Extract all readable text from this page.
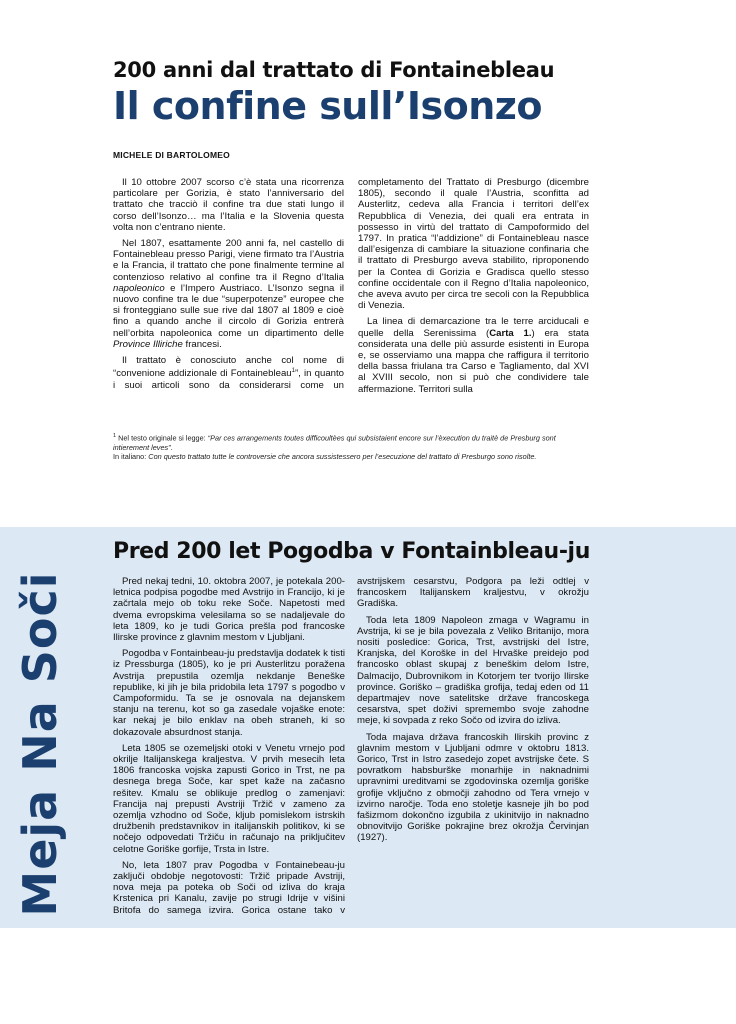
200 anni dal trattato di Fontainebleau
Il confine sull’Isonzo
MICHELE DI BARTOLOMEO

Il 10 ottobre 2007 scorso c’è stata una ricorrenza particolare per Gorizia, è stato l’anniversario del trattato che tracciò il confine tra due stati lungo il corso dell’Isonzo… ma l’Italia e la Slovenia questa volta non c’entrano niente.

Nel 1807, esattamente 200 anni fa, nel castello di Fontainebleau presso Parigi, viene firmato tra l’Austria e la Francia, il trattato che pone finalmente termine al contenzioso relativo al confine tra il Regno d’Italia napoleonico e l’Impero Austriaco. L’Isonzo segna il nuovo confine tra le due “superpotenze” europee che si fronteggiano sulle sue rive dal 1807 al 1809 e cioè fino a quando anche il circolo di Gorizia entrerà nell’orbita napoleonica come un dipartimento delle Province Illiriche francesi.

Il trattato è conosciuto anche col nome di “convenione addizionale di Fontainebleau$^1$”, in quanto i suoi articoli sono da considerarsi come un completamento del Trattato di Presburgo (dicembre 1805), secondo il quale l’Austria, sconfitta ad Austerlitz, cedeva alla Francia i territori dell’ex Repubblica di Venezia, dei quali era entrata in possesso in virtù del trattato di Campoformido del 1797. In pratica “l’addizione” di Fontainebleau nasce dall’esigenza di cambiare la situazione confinaria che il trattato di Presburgo aveva stabilito, riproponendo per la Contea di Gorizia e Gradisca quello stesso confine occidentale con il Regno d’Italia napoleonico, che aveva avuto per circa tre secoli con la Repubblica di Venezia.

La linea di demarcazione tra le terre arciducali e quelle della Serenissima (Carta 1.) era stata considerata una delle più assurde esistenti in Europa e, se osserviamo una mappa che raffigura il territorio della bassa friulana tra Carso e Tagliamento, dal XVI al XVIII secolo, non si può che condividere tale affermazione. Territori sulla

$^1$ Nel testo originale si legge: “Par ces arrangements toutes difficoultèes qui subsistaient encore sur l’èxecution du traitè de Presburg sont intierement leves”.

In italiano: Con questo trattato tutte le controversie che ancora sussistessero per l’esecuzione del trattato di Presburgo sono risolte.

Meja Na Soči
Pred 200 let Pogodba v Fontainbleau-ju

Pred nekaj tedni, 10. oktobra 2007, je potekala 200-letnica podpisa pogodbe med Avstrijo in Francijo, ki je začrtala mejo ob toku reke Soče. Napetosti med dvema evropskima velesilama so se nadaljevale do leta 1809, ko je tudi Gorica prešla pod francoske Ilirske province z glavnim mestom v Ljubljani.

Pogodba v Fontainbeau-ju predstavlja dodatek k tisti iz Pressburga (1805), ko je pri Austerlitzu poražena Avstrija prepustila ozemlja nekdanje Beneške republike, ki jih je bila pridobila leta 1797 s pogodbo v Campoformidu. Ta se je osnovala na dejanskem stanju na terenu, kot so ga zasedale vojaške enote: kar nekaj je bilo enklav na obeh straneh, ki so dokazovale absurdnost stanja.

Leta 1805 se ozemeljski otoki v Venetu vrnejo pod okrilje Italijanskega kraljestva. V prvih mesecih leta 1806 francoska vojska zapusti Gorico in Trst, ne pa desnega brega Soče, kar spet kaže na začasno rešitev. Kmalu se oblikuje predlog o zamenjavi: Francija naj prepusti Avstriji Tržič v zameno za ozemlja vzhodno od Soče, kljub pomislekom istrskih družbenih predstavnikov in italijanskih politikov, ki se nočejo odpovedati Tržiču in računajo na priključitev celotne Goriške gorfije, Trsta in Istre.

No, leta 1807 prav Pogodba v Fontainebeau-ju zaključi obdobje negotovosti: Tržič pripade Avstriji, nova meja pa poteka ob Soči od izliva do kraja Krstenica pri Kanalu, zavije po strugi Idrije v višini Britofa do samega izvira. Gorica ostane tako v avstrijskem cesarstvu, Podgora pa leži odtlej v francoskem Italijanskem kraljestvu, v okrožju Gradiška.

Toda leta 1809 Napoleon zmaga v Wagramu in Avstrija, ki se je bila povezala z Veliko Britanijo, mora nositi posledice: Gorica, Trst, avstrijski del Istre, Kranjska, del Koroške in del Hrvaške preidejo pod francosko oblast skupaj z beneškim delom Istre, Dalmacijo, Dubrovnikom in Kotorjem ter tvorijo Ilirske province. Goriško – gradiška grofija, tedaj eden od 11 departmajev nove satelitske države francoskega cesarstva, spet doživi spremembo svoje zahodne meje, ki sovpada z reko Sočo od izvira do izliva.

Toda majava država francoskih Ilirskih provinc z glavnim mestom v Ljubljani odmre v oktobru 1813. Gorico, Trst in Istro zasedejo zopet avstrijske čete. S povratkom habsburške monarhije in naknadnimi upravnimi ureditvami se zgodovinska ozemlja goriške grofije vključno z območji zahodno od Tera vrnejo v izvirno naročje. Toda eno stoletje kasneje jih bo pod fašizmom dokončno izgubila z ukinitvijo in naknadno obnovitvijo Goriške pokrajine brez okrožja Červinjan (1927).
